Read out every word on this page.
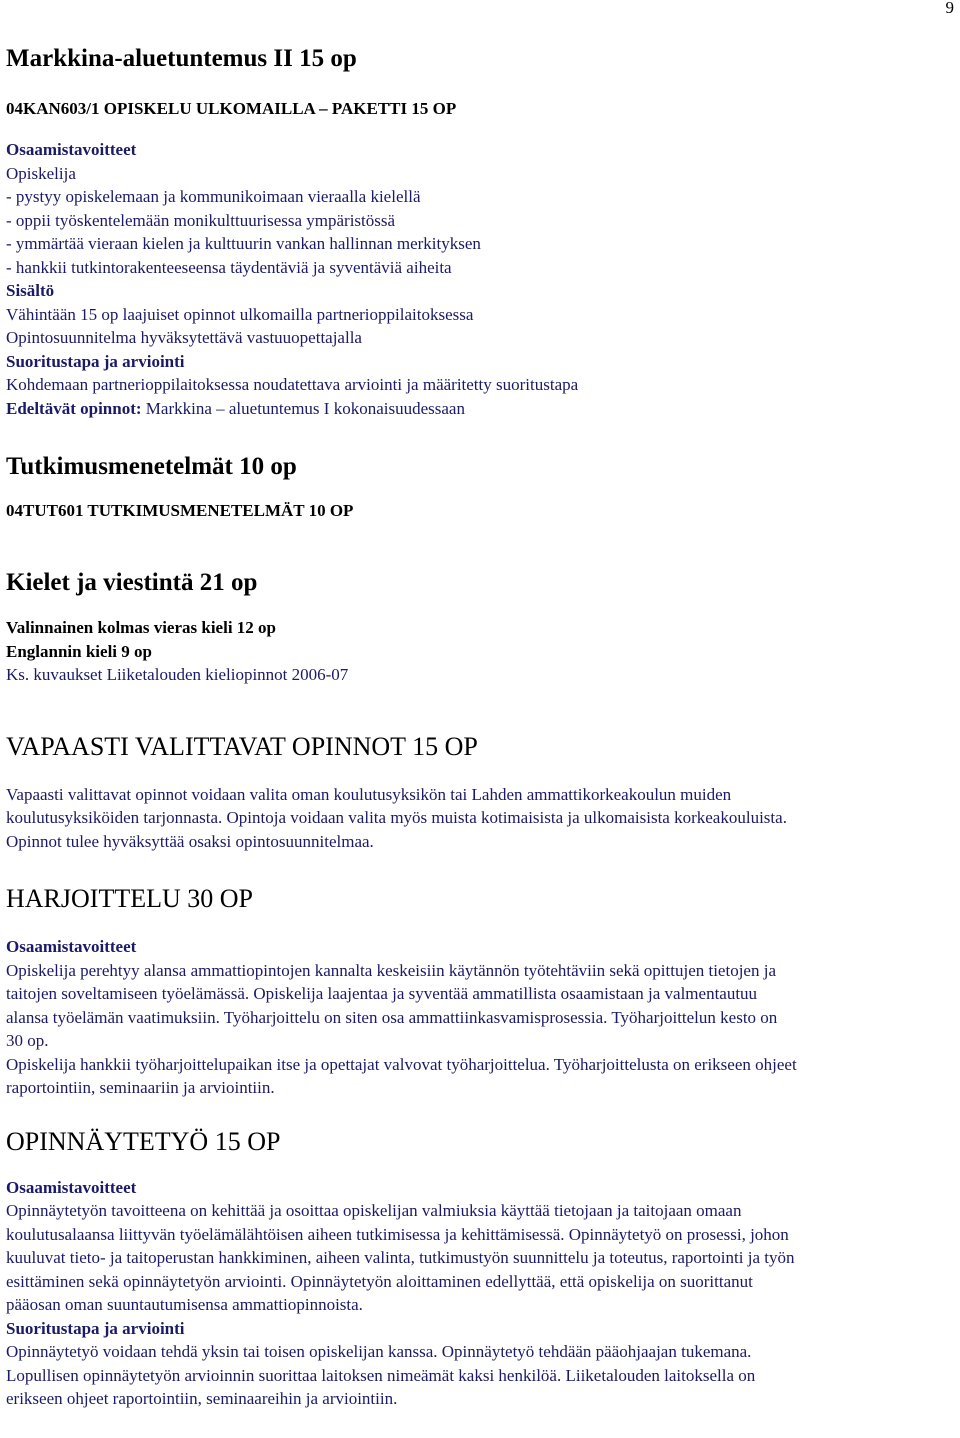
9
Markkina-aluetuntemus II 15 op

04KAN603/1 OPISKELU ULKOMAILLA – PAKETTI 15 OP

Osaamistavoitteet

Opiskelija

- pystyy opiskelemaan ja kommunikoimaan vieraalla kielellä

- oppii työskentelemään monikulttuurisessa ympäristössä

- ymmärtää vieraan kielen ja kulttuurin vankan hallinnan merkityksen

- hankkii tutkintorakenteeseensa täydentäviä ja syventäviä aiheita

Sisältö

Vähintään 15 op laajuiset opinnot ulkomailla partnerioppilaitoksessa

Opintosuunnitelma hyväksytettävä vastuuopettajalla

Suoritustapa ja arviointi

Kohdemaan partnerioppilaitoksessa noudatettava arviointi ja määritetty suoritustapa

Edeltävät opinnot: Markkina – aluetuntemus I kokonaisuudessaan

Tutkimusmenetelmät 10 op

04TUT601 TUTKIMUSMENETELMÄT 10 OP

Kielet ja viestintä 21 op

Valinnainen kolmas vieras kieli 12 op

Englannin kieli 9 op

Ks. kuvaukset Liiketalouden kieliopinnot 2006-07

VAPAASTI VALITTAVAT OPINNOT 15 OP

Vapaasti valittavat opinnot voidaan valita oman koulutusyksikön tai Lahden ammattikorkeakoulun muiden

koulutusyksiköiden tarjonnasta. Opintoja voidaan valita myös muista kotimaisista ja ulkomaisista korkeakouluista.

Opinnot tulee hyväksyttää osaksi opintosuunnitelmaa.

HARJOITTELU 30 OP

Osaamistavoitteet

Opiskelija perehtyy alansa ammattiopintojen kannalta keskeisiin käytännön työtehtäviin sekä opittujen tietojen ja

taitojen soveltamiseen työelämässä. Opiskelija laajentaa ja syventää ammatillista osaamistaan ja valmentautuu

alansa työelämän vaatimuksiin. Työharjoittelu on siten osa ammattiinkasvamisprosessia. Työharjoittelun kesto on

30 op.

Opiskelija hankkii työharjoittelupaikan itse ja opettajat valvovat työharjoittelua. Työharjoittelusta on erikseen ohjeet

raportointiin, seminaariin ja arviointiin.

OPINNÄYTETYÖ 15 OP

Osaamistavoitteet

Opinnäytetyön tavoitteena on kehittää ja osoittaa opiskelijan valmiuksia käyttää tietojaan ja taitojaan omaan

koulutusalaansa liittyvän työelämälähtöisen aiheen tutkimisessa ja kehittämisessä. Opinnäytetyö on prosessi, johon

kuuluvat tieto- ja taitoperustan hankkiminen, aiheen valinta, tutkimustyön suunnittelu ja toteutus, raportointi ja työn

esittäminen sekä opinnäytetyön arviointi. Opinnäytetyön aloittaminen edellyttää, että opiskelija on suorittanut

pääosan oman suuntautumisensa ammattiopinnoista.

Suoritustapa ja arviointi

Opinnäytetyö voidaan tehdä yksin tai toisen opiskelijan kanssa. Opinnäytetyö tehdään pääohjaajan tukemana.

Lopullisen opinnäytetyön arvioinnin suorittaa laitoksen nimeämät kaksi henkilöä. Liiketalouden laitoksella on

erikseen ohjeet raportointiin, seminaareihin ja arviointiin.
